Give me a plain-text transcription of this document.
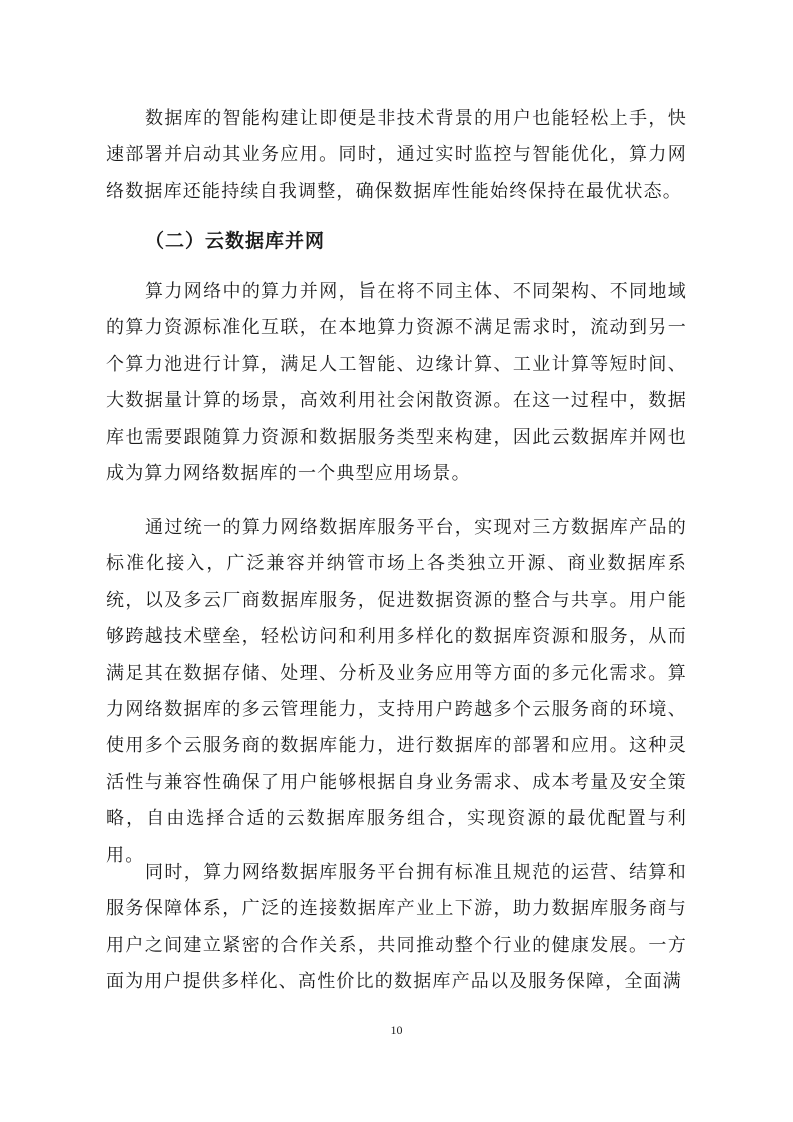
数据库的智能构建让即便是非技术背景的用户也能轻松上手，快速部署并启动其业务应用。同时，通过实时监控与智能优化，算力网络数据库还能持续自我调整，确保数据库性能始终保持在最优状态。

（二）云数据库并网

算力网络中的算力并网，旨在将不同主体、不同架构、不同地域的算力资源标准化互联，在本地算力资源不满足需求时，流动到另一个算力池进行计算，满足人工智能、边缘计算、工业计算等短时间、大数据量计算的场景，高效利用社会闲散资源。在这一过程中，数据库也需要跟随算力资源和数据服务类型来构建，因此云数据库并网也成为算力网络数据库的一个典型应用场景。

通过统一的算力网络数据库服务平台，实现对三方数据库产品的标准化接入，广泛兼容并纳管市场上各类独立开源、商业数据库系统，以及多云厂商数据库服务，促进数据资源的整合与共享。用户能够跨越技术壁垒，轻松访问和利用多样化的数据库资源和服务，从而满足其在数据存储、处理、分析及业务应用等方面的多元化需求。算力网络数据库的多云管理能力，支持用户跨越多个云服务商的环境、使用多个云服务商的数据库能力，进行数据库的部署和应用。这种灵活性与兼容性确保了用户能够根据自身业务需求、成本考量及安全策略，自由选择合适的云数据库服务组合，实现资源的最优配置与利用。

同时，算力网络数据库服务平台拥有标准且规范的运营、结算和服务保障体系，广泛的连接数据库产业上下游，助力数据库服务商与用户之间建立紧密的合作关系，共同推动整个行业的健康发展。一方面为用户提供多样化、高性价比的数据库产品以及服务保障，全面满

10
